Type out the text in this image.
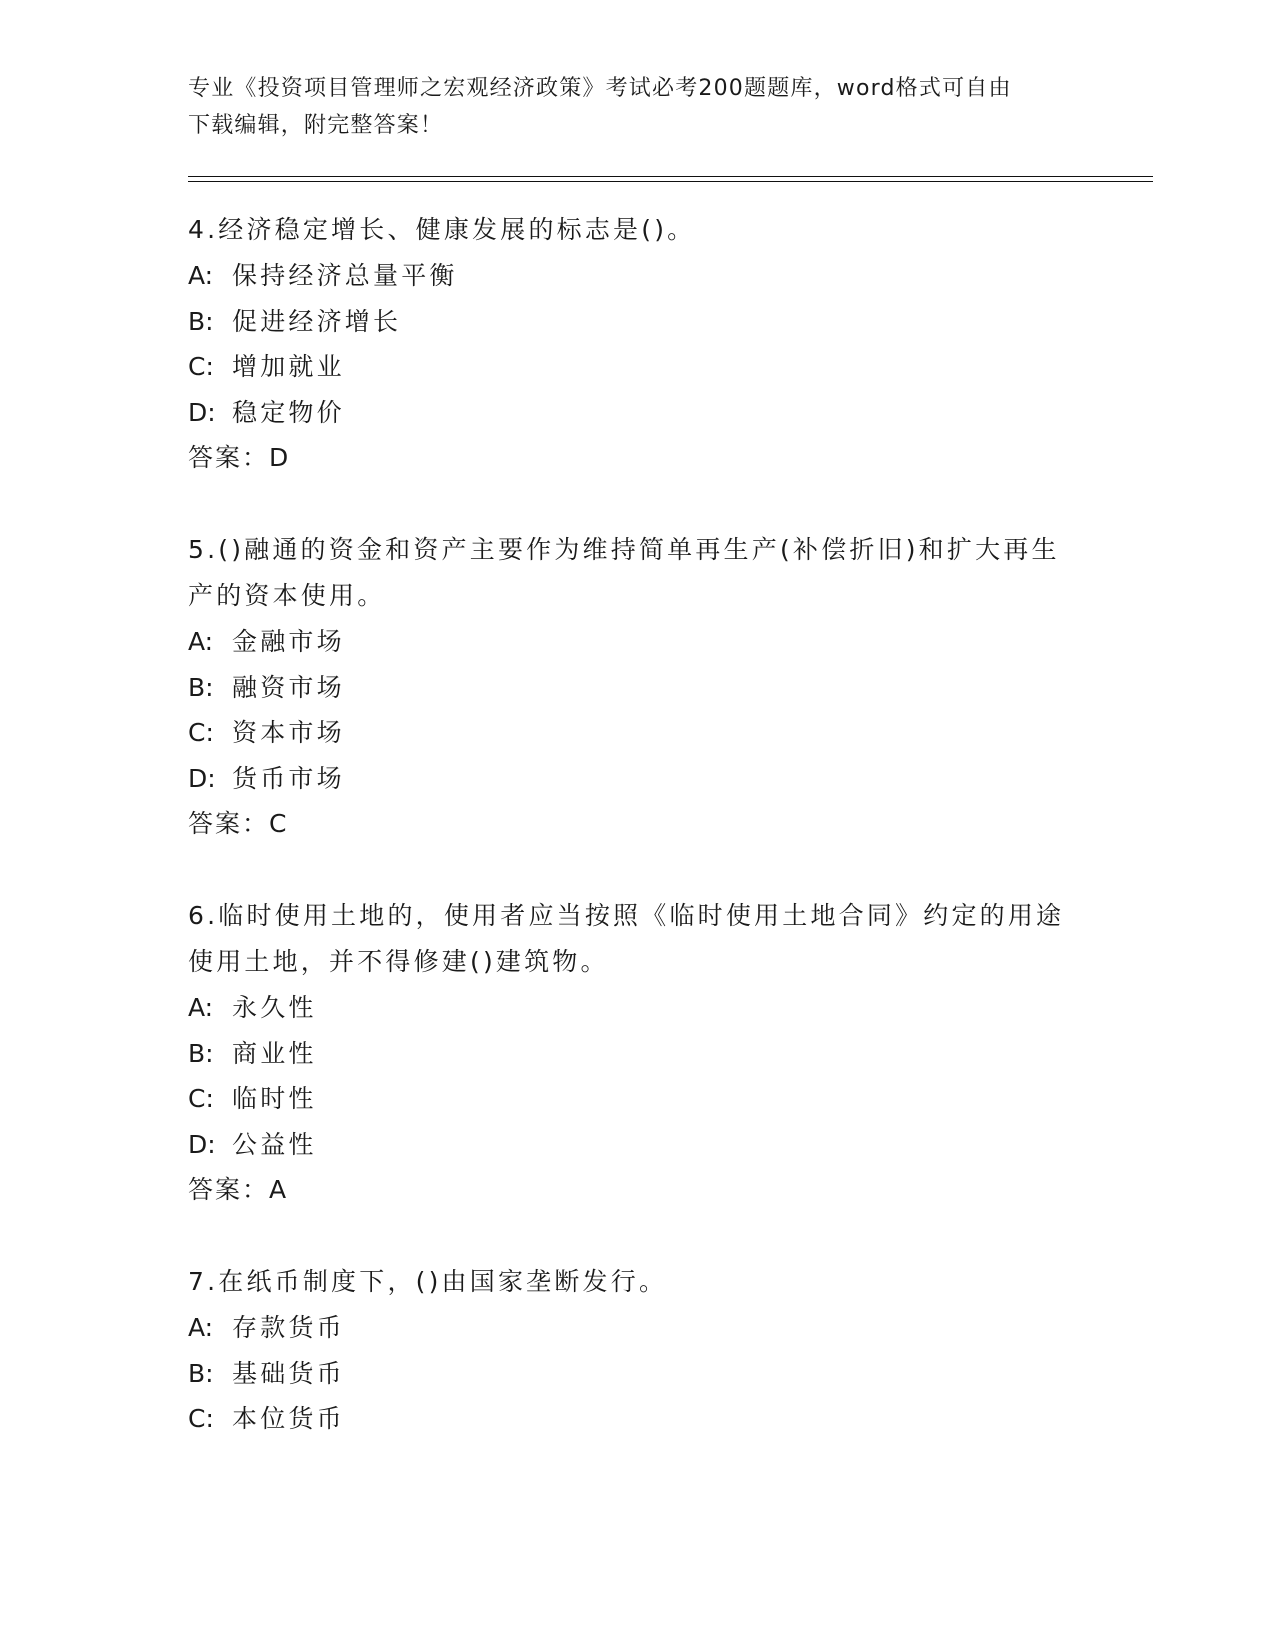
专业《投资项目管理师之宏观经济政策》考试必考200题题库，word格式可自由
下载编辑，附完整答案！

4.经济稳定增长、健康发展的标志是()。

A: 保持经济总量平衡

B: 促进经济增长

C: 增加就业

D: 稳定物价

答案：D

5.()融通的资金和资产主要作为维持简单再生产(补偿折旧)和扩大再生产的资本使用。

A: 金融市场

B: 融资市场

C: 资本市场

D: 货币市场

答案：C

6.临时使用土地的，使用者应当按照《临时使用土地合同》约定的用途使用土地，并不得修建()建筑物。

A: 永久性

B: 商业性

C: 临时性

D: 公益性

答案：A

7.在纸币制度下，()由国家垄断发行。

A: 存款货币

B: 基础货币

C: 本位货币
